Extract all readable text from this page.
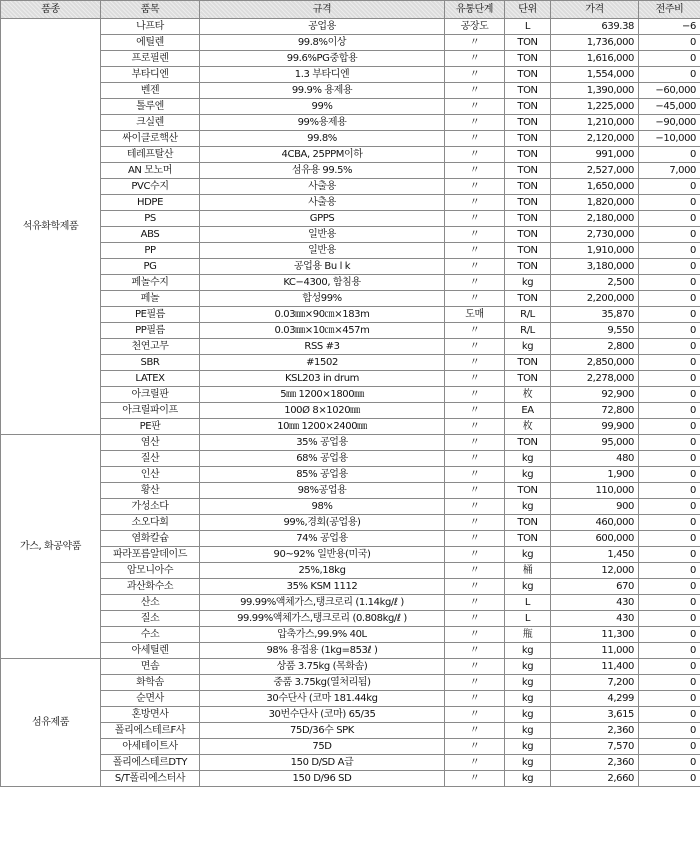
품종	품목	규격	유통단계	단위	가격	전주비
석유화학제품	나프타	공업용	공장도	L	639.38	−6
	에틸렌	99.8%이상	〃	TON	1,736,000	0
	프로필렌	99.6%PG중합용	〃	TON	1,616,000	0
	부타디엔	1.3 부타디엔	〃	TON	1,554,000	0
	벤젠	99.9% 용제용	〃	TON	1,390,000	−60,000
	톨루엔	99%	〃	TON	1,225,000	−45,000
	크실렌	99%용제용	〃	TON	1,210,000	−90,000
	싸이클로핵산	99.8%	〃	TON	2,120,000	−10,000
	테레프탈산	4CBA, 25PPM이하	〃	TON	991,000	0
	AN 모노머	섬유용 99.5%	〃	TON	2,527,000	7,000
	PVC수지	사출용	〃	TON	1,650,000	0
	HDPE	사출용	〃	TON	1,820,000	0
	PS	GPPS	〃	TON	2,180,000	0
	ABS	일반용	〃	TON	2,730,000	0
	PP	일반용	〃	TON	1,910,000	0
	PG	공업용 Bu l k	〃	TON	3,180,000	0
	페놀수지	KC−4300, 함침용	〃	kg	2,500	0
	페놀	합성99%	〃	TON	2,200,000	0
	PE필름	0.03㎜×90㎝×183m	도매	R/L	35,870	0
	PP필름	0.03㎜×10㎝×457m	〃	R/L	9,550	0
	천연고무	RSS #3	〃	kg	2,800	0
	SBR	#1502	〃	TON	2,850,000	0
	LATEX	KSL203 in drum	〃	TON	2,278,000	0
	아크릴판	5㎜ 1200×1800㎜	〃	枚	92,900	0
	아크릴파이프	100Ø 8×1020㎜	〃	EA	72,800	0
	PE판	10㎜ 1200×2400㎜	〃	枚	99,900	0
가스, 화공약품	염산	35% 공업용	〃	TON	95,000	0
	질산	68% 공업용	〃	kg	480	0
	인산	85% 공업용	〃	kg	1,900	0
	황산	98%공업용	〃	TON	110,000	0
	가성소다	98%	〃	kg	900	0
	소오다회	99%,경회(공업용)	〃	TON	460,000	0
	염화칼슘	74% 공업용	〃	TON	600,000	0
	파라포름알데이드	90~92% 일반용(미국)	〃	kg	1,450	0
	암모니아수	25%,18kg	〃	桶	12,000	0
	과산화수소	35% KSM 1112	〃	kg	670	0
	산소	99.99%액체가스,탱크로리 (1.14kg/ℓ )	〃	L	430	0
	질소	99.99%액체가스,탱크로리 (0.808kg/ℓ )	〃	L	430	0
	수소	압축가스,99.9% 40L	〃	甁	11,300	0
	아세틸렌	98% 용접용 (1kg=853ℓ )	〃	kg	11,000	0
섬유제품	면솜	상품 3.75kg (목화솜)	〃	kg	11,400	0
	화학솜	중품 3.75kg(열처리됨)	〃	kg	7,200	0
	순면사	30수단사 (코마 181.44kg	〃	kg	4,299	0
	혼방면사	30번수단사 (코마) 65/35	〃	kg	3,615	0
	폴리에스테르F사	75D/36수 SPK	〃	kg	2,360	0
	아세테이트사	75D	〃	kg	7,570	0
	폴리에스테르DTY	150 D/SD A급	〃	kg	2,360	0
	S/T폴리에스터사	150 D/96 SD	〃	kg	2,660	0
